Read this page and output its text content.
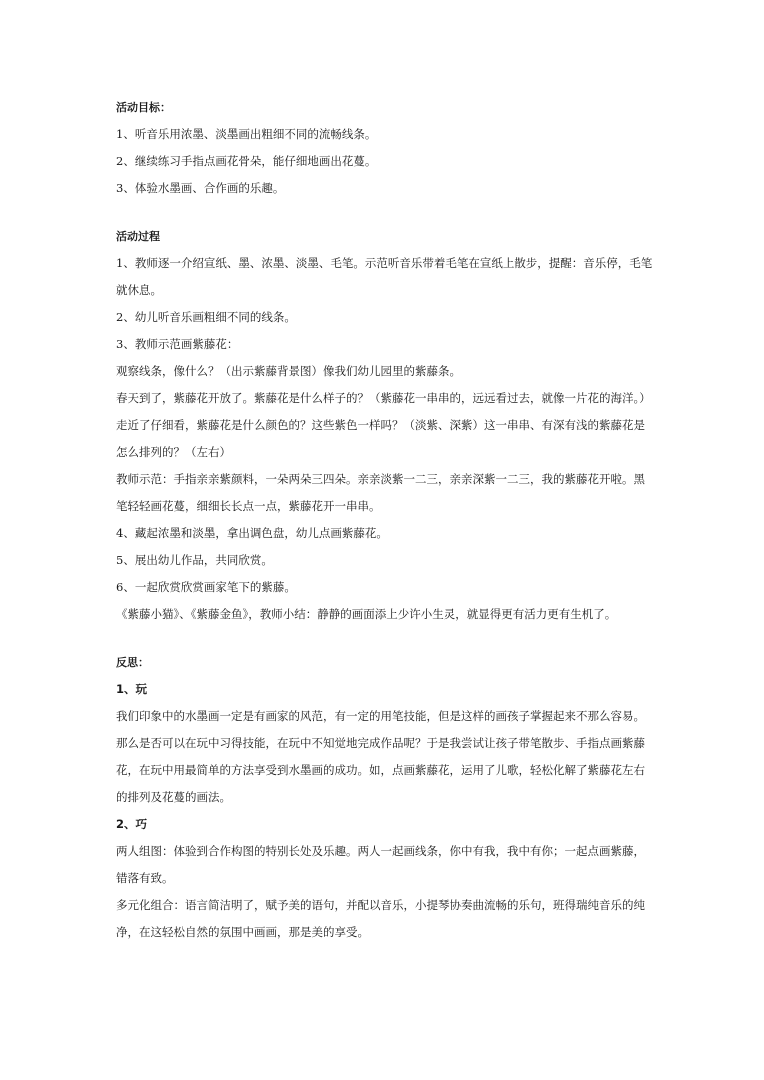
活动目标：
1、听音乐用浓墨、淡墨画出粗细不同的流畅线条。
2、继续练习手指点画花骨朵，能仔细地画出花蔓。
3、体验水墨画、合作画的乐趣。
活动过程
1、教师逐一介绍宣纸、墨、浓墨、淡墨、毛笔。示范听音乐带着毛笔在宣纸上散步，提醒：音乐停，毛笔
就休息。
2、幼儿听音乐画粗细不同的线条。
3、教师示范画紫藤花：
观察线条，像什么？（出示紫藤背景图）像我们幼儿园里的紫藤条。
春天到了，紫藤花开放了。紫藤花是什么样子的？（紫藤花一串串的，远远看过去，就像一片花的海洋。）
走近了仔细看，紫藤花是什么颜色的？这些紫色一样吗？（淡紫、深紫）这一串串、有深有浅的紫藤花是
怎么排列的？（左右）
教师示范：手指亲亲紫颜料，一朵两朵三四朵。亲亲淡紫一二三，亲亲深紫一二三，我的紫藤花开啦。黑
笔轻轻画花蔓，细细长长点一点，紫藤花开一串串。
4、藏起浓墨和淡墨，拿出调色盘，幼儿点画紫藤花。
5、展出幼儿作品，共同欣赏。
6、一起欣赏欣赏画家笔下的紫藤。
《紫藤小猫》、《紫藤金鱼》，教师小结：静静的画面添上少许小生灵，就显得更有活力更有生机了。
反思：
1、玩
我们印象中的水墨画一定是有画家的风范，有一定的用笔技能，但是这样的画孩子掌握起来不那么容易。
那么是否可以在玩中习得技能，在玩中不知觉地完成作品呢？于是我尝试让孩子带笔散步、手指点画紫藤
花，在玩中用最简单的方法享受到水墨画的成功。如，点画紫藤花，运用了儿歌，轻松化解了紫藤花左右
的排列及花蔓的画法。
2、巧
两人组图：体验到合作构图的特别长处及乐趣。两人一起画线条，你中有我，我中有你；一起点画紫藤，
错落有致。
多元化组合：语言简洁明了，赋予美的语句，并配以音乐，小提琴协奏曲流畅的乐句，班得瑞纯音乐的纯
净，在这轻松自然的氛围中画画，那是美的享受。
